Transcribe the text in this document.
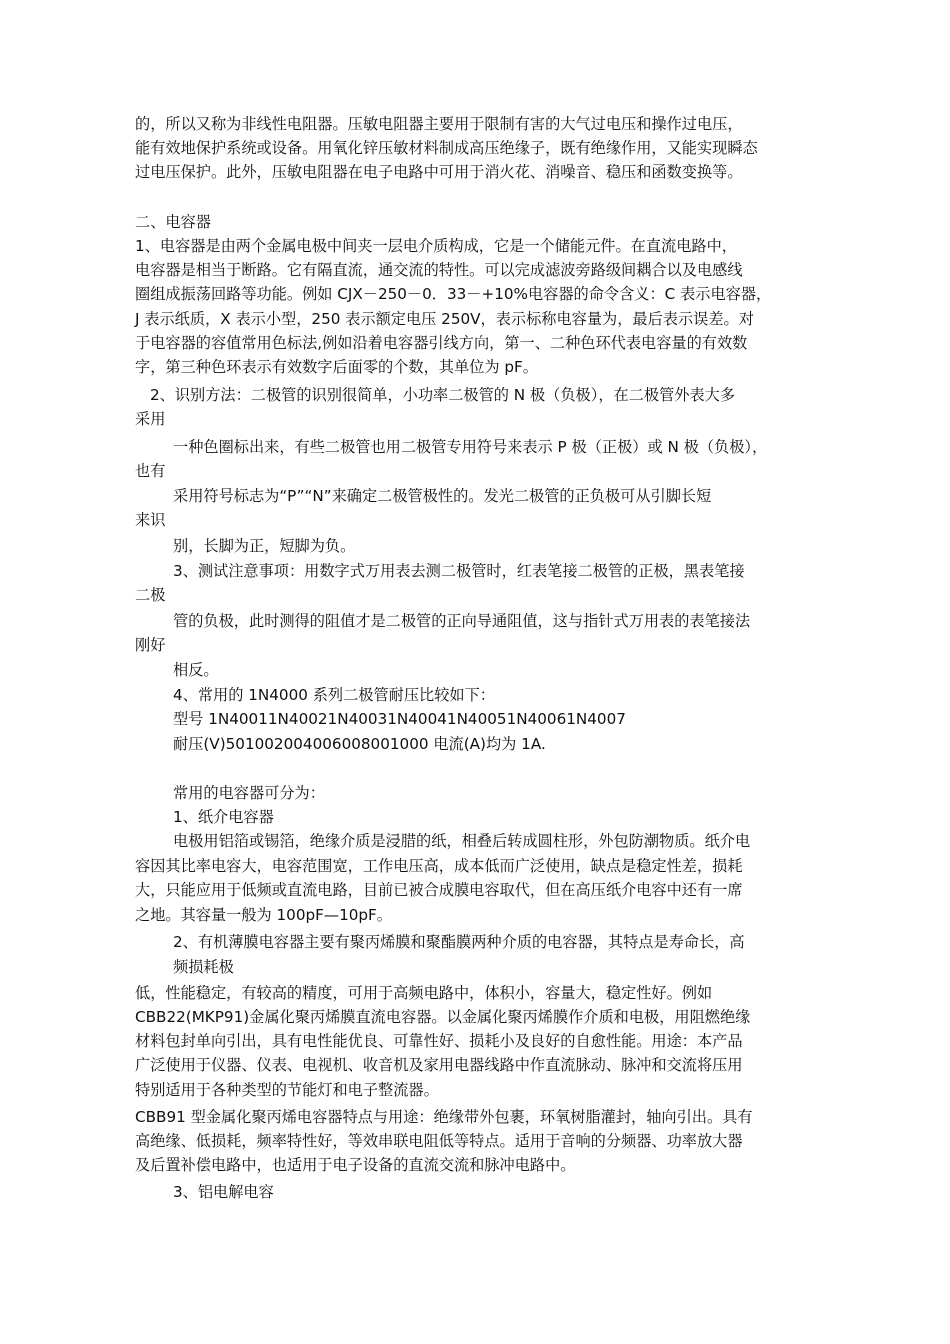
的，所以又称为非线性电阻器。压敏电阻器主要用于限制有害的大气过电压和操作过电压，
能有效地保护系统或设备。用氧化锌压敏材料制成高压绝缘子，既有绝缘作用，又能实现瞬态
过电压保护。此外，压敏电阻器在电子电路中可用于消火花、消噪音、稳压和函数变换等。
二、电容器
1、电容器是由两个金属电极中间夹一层电介质构成，它是一个储能元件。在直流电路中，
电容器是相当于断路。它有隔直流，通交流的特性。可以完成滤波旁路级间耦合以及电感线
圈组成振荡回路等功能。例如 CJX－250－0．33－+10%电容器的命令含义：C 表示电容器，
J 表示纸质，X 表示小型，250 表示额定电压 250V，表示标称电容量为，最后表示误差。对
于电容器的容值常用色标法,例如沿着电容器引线方向，第一、二种色环代表电容量的有效数
字，第三种色环表示有效数字后面零的个数，其单位为 pF。
2、识别方法：二极管的识别很简单，小功率二极管的 N 极（负极），在二极管外表大多
采用
一种色圈标出来，有些二极管也用二极管专用符号来表示 P 极（正极）或 N 极（负极），
也有
采用符号标志为“P”“N”来确定二极管极性的。发光二极管的正负极可从引脚长短
来识
别，长脚为正，短脚为负。
3、测试注意事项：用数字式万用表去测二极管时，红表笔接二极管的正极，黑表笔接
二极
管的负极，此时测得的阻值才是二极管的正向导通阻值，这与指针式万用表的表笔接法
刚好
相反。
4、常用的 1N4000 系列二极管耐压比较如下：
型号 1N40011N40021N40031N40041N40051N40061N4007
耐压(V)501002004006008001000 电流(A)均为 1A.
常用的电容器可分为：
1、纸介电容器
电极用铝箔或锡箔，绝缘介质是浸腊的纸，相叠后转成圆柱形，外包防潮物质。纸介电
容因其比率电容大，电容范围宽，工作电压高，成本低而广泛使用，缺点是稳定性差，损耗
大，只能应用于低频或直流电路，目前已被合成膜电容取代，但在高压纸介电容中还有一席
之地。其容量一般为 100pF—10pF。
2、有机薄膜电容器主要有聚丙烯膜和聚酯膜两种介质的电容器，其特点是寿命长，高
频损耗极
低，性能稳定，有较高的精度，可用于高频电路中，体积小，容量大，稳定性好。例如
CBB22(MKP91)金属化聚丙烯膜直流电容器。以金属化聚丙烯膜作介质和电极，用阻燃绝缘
材料包封单向引出，具有电性能优良、可靠性好、损耗小及良好的自愈性能。用途：本产品
广泛使用于仪器、仪表、电视机、收音机及家用电器线路中作直流脉动、脉冲和交流将压用
特别适用于各种类型的节能灯和电子整流器。
CBB91 型金属化聚丙烯电容器特点与用途：绝缘带外包裹，环氧树脂灌封，轴向引出。具有
高绝缘、低损耗，频率特性好，等效串联电阻低等特点。适用于音响的分频器、功率放大器
及后置补偿电路中，也适用于电子设备的直流交流和脉冲电路中。
3、铝电解电容
